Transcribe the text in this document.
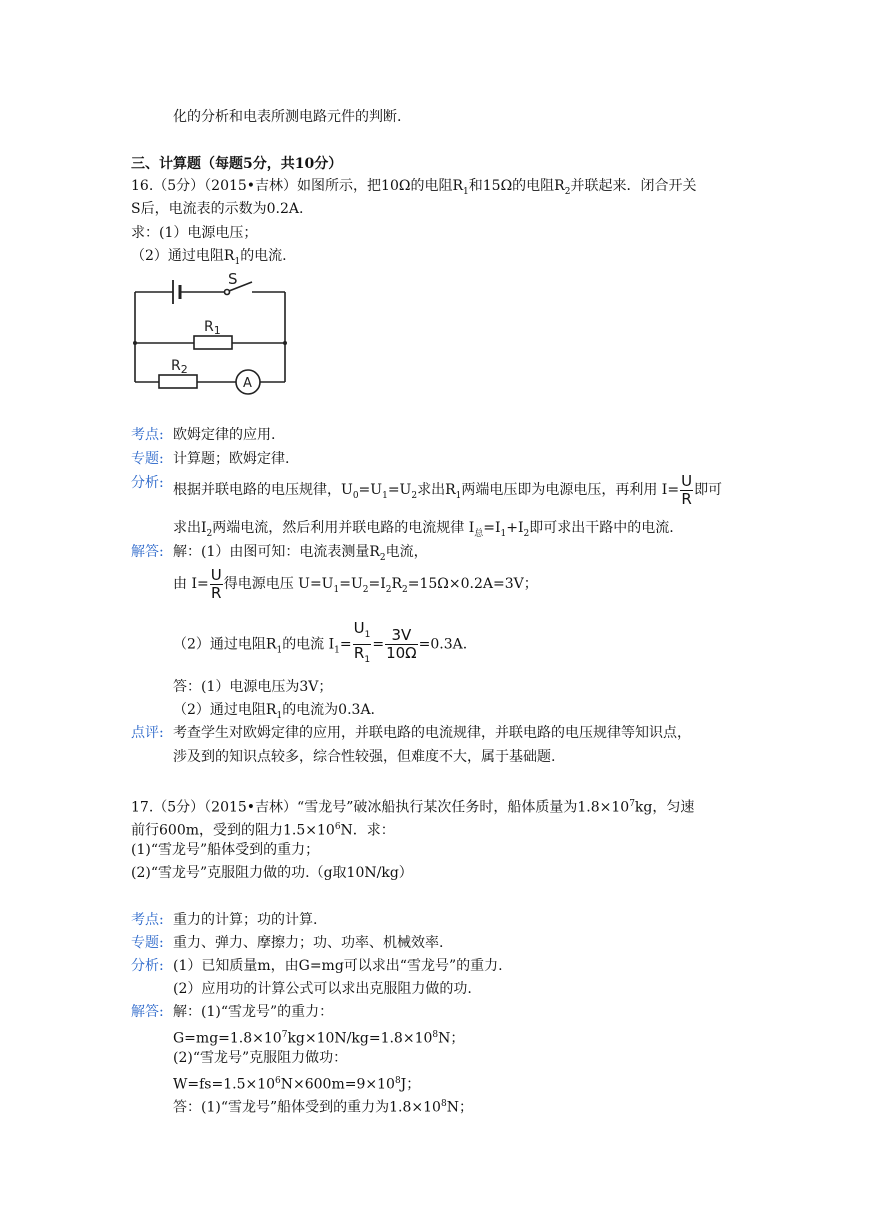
化的分析和电表所测电路元件的判断.
三、计算题（每题5分，共10分）
16.（5分）（2015•吉林）如图所示，把10Ω的电阻$R_1$和15Ω的电阻$R_2$并联起来．闭合开关
S后，电流表的示数为0.2A.
求：(1）电源电压；
（2）通过电阻$R_1$的电流.
S
$R_1$
$R_2$
A
考点: 欧姆定律的应用.
专题: 计算题；欧姆定律.
分析: 根据并联电路的电压规律，$U_0=U_1=U_2$求出$R_1$两端电压即为电源电压，再利用 $I= \frac{U}{R}$ 即可
求出$I_2$两端电流，然后利用并联电路的电流规律 $I_总=I_1+I_2$即可求出干路中的电流.
解答: 解：(1）由图可知：电流表测量$R_2$电流，
由 $I= \frac{U}{R}$ 得电源电压 $U=U_1=U_2=I_2R_2=15\Omega\times 0.2A=3V$；
（2）通过电阻$R_1$的电流 $I_1= \frac{U_1}{R_1} = \frac{3V}{10\Omega} =0.3A$.
答：(1）电源电压为3V；
（2）通过电阻$R_1$的电流为0.3A.
点评: 考查学生对欧姆定律的应用，并联电路的电流规律，并联电路的电压规律等知识点，
涉及到的知识点较多，综合性较强，但难度不大，属于基础题.
17.（5分）（2015•吉林）“雪龙号”破冰船执行某次任务时，船体质量为$1.8\times 10^7kg$，匀速
前行600m，受到的阻力$1.5\times 10^6N$．求：
(1)“雪龙号”船体受到的重力；
(2)“雪龙号”克服阻力做的功.（g取10N/kg）
考点: 重力的计算；功的计算.
专题: 重力、弹力、摩擦力；功、功率、机械效率.
分析: (1）已知质量m，由G=mg可以求出“雪龙号”的重力.
(2）应用功的计算公式可以求出克服阻力做的功.
解答: 解：(1)“雪龙号”的重力：
$G=mg=1.8\times 10^7kg\times 10N/kg=1.8\times 10^8N$；
(2)“雪龙号”克服阻力做功：
$W=fs=1.5\times 10^6N\times 600m=9\times 10^8J$；
答：(1)“雪龙号”船体受到的重力为$1.8\times 10^8N$；
